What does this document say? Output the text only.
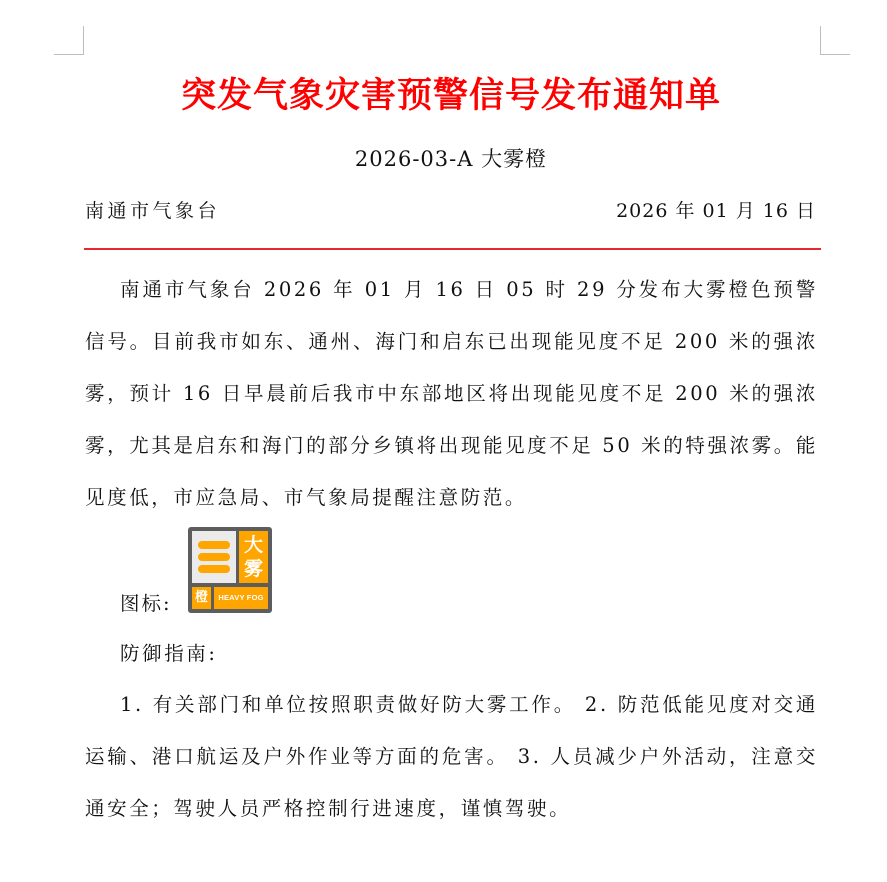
突发气象灾害预警信号发布通知单
2026-03-A 大雾橙
南通市气象台	2026 年 01 月 16 日
南通市气象台 2026 年 01 月 16 日 05 时 29 分发布大雾橙色预警信号。目前我市如东、通州、海门和启东已出现能见度不足 200 米的强浓雾，预计 16 日早晨前后我市中东部地区将出现能见度不足 200 米的强浓雾，尤其是启东和海门的部分乡镇将出现能见度不足 50 米的特强浓雾。能见度低，市应急局、市气象局提醒注意防范。
图标:
大
雾
橙	HEAVY FOG
防御指南:
1. 有关部门和单位按照职责做好防大雾工作。 2. 防范低能见度对交通运输、港口航运及户外作业等方面的危害。 3. 人员减少户外活动，注意交通安全；驾驶人员严格控制行进速度，谨慎驾驶。
